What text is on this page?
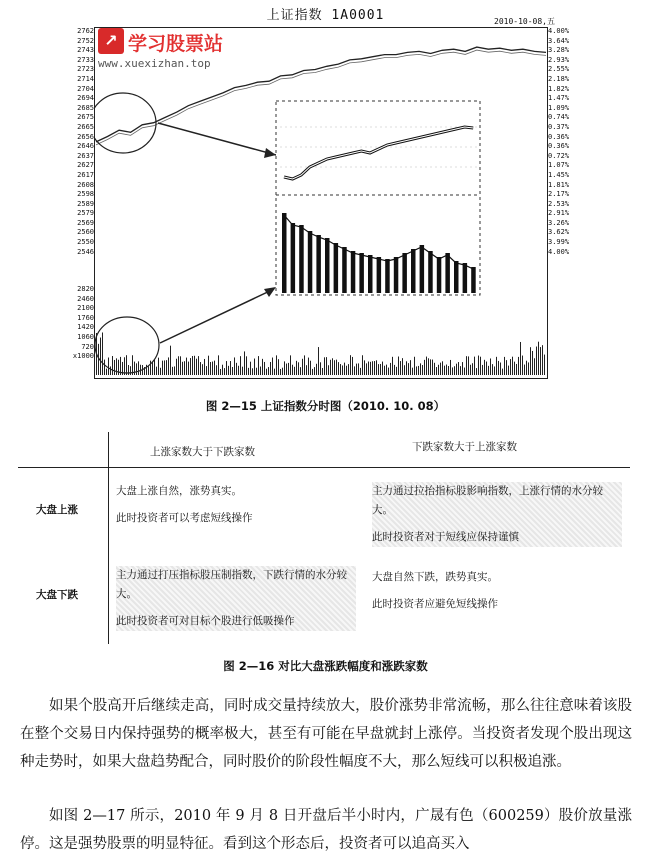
上证指数 1A0001	2010-10-08,五
2762
2752
2743
2733
2723
2714
2704
2694
2685
2675
2665
2656
2646
2637
2627
2617
2608
2598
2589
2579
2569
2560
2550
2546
4.00%
3.64%
3.28%
2.93%
2.55%
2.18%
1.82%
1.47%
1.09%
0.74%
0.37%
0.36%
0.36%
0.72%
1.07%
1.45%
1.81%
2.17%
2.53%
2.91%
3.26%
3.62%
3.99%
4.00%
2820
2460
2100
1760
1420
1060
720
x1000
↗ 学习股票站
www.xuexizhan.top
图 2—15 上证指数分时图（2010. 10. 08）
上涨家数大于下跌家数	下跌家数大于上涨家数
大盘上涨
大盘下跌
大盘上涨自然，涨势真实。
此时投资者可以考虑短线操作
主力通过拉抬指标股影响指数，上涨行情的水分较大。
此时投资者对于短线应保持谨慎
主力通过打压指标股压制指数，下跌行情的水分较大。
此时投资者可对目标个股进行低吸操作
大盘自然下跌，跌势真实。
此时投资者应避免短线操作
图 2—16 对比大盘涨跌幅度和涨跌家数
如果个股高开后继续走高，同时成交量持续放大，股价涨势非常流畅，那么往往意味着该股在整个交易日内保持强势的概率极大，甚至有可能在早盘就封上涨停。当投资者发现个股出现这种走势时，如果大盘趋势配合，同时股价的阶段性幅度不大，那么短线可以积极追涨。
如图 2—17 所示，2010 年 9 月 8 日开盘后半小时内，广晟有色（600259）股价放量涨停。这是强势股票的明显特征。看到这个形态后，投资者可以追高买入
